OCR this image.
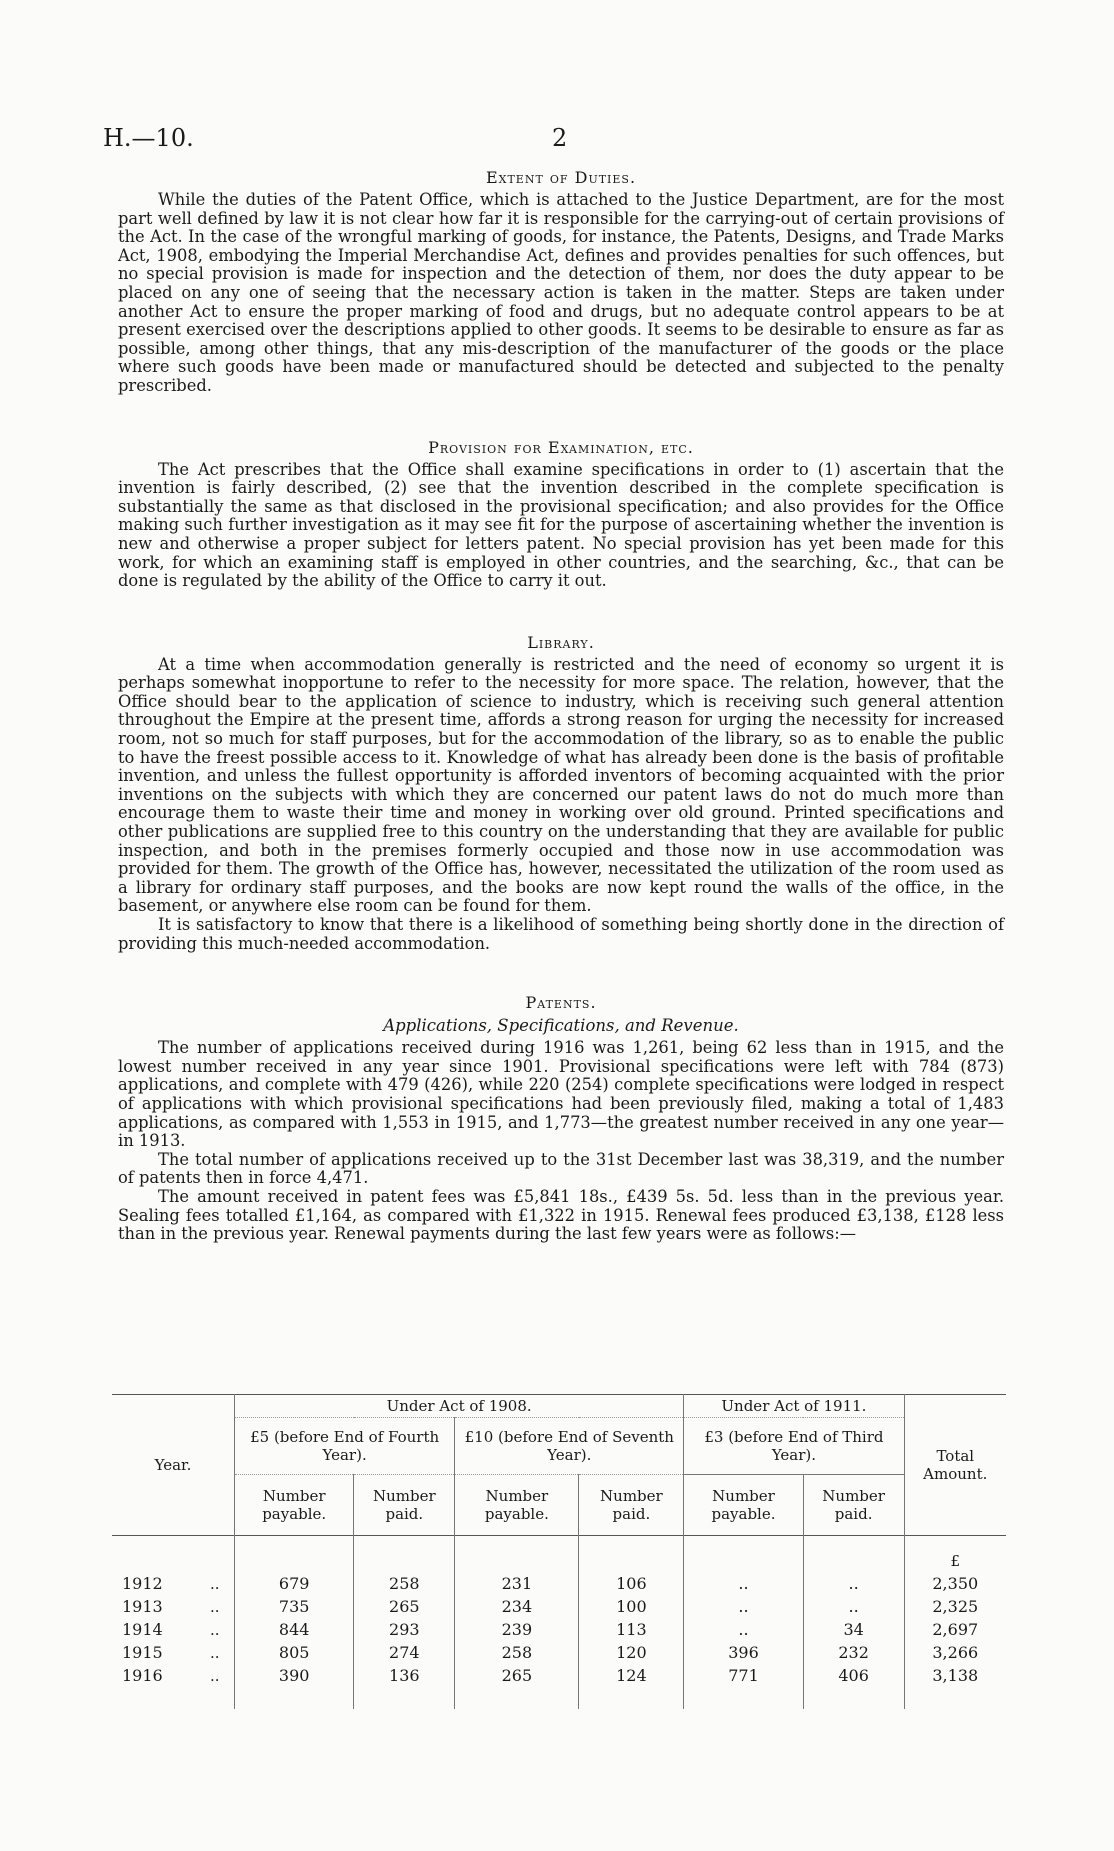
H.—10.	2
Extent of Duties.

While the duties of the Patent Office, which is attached to the Justice Department, are for the most part well defined by law it is not clear how far it is responsible for the carrying-out of certain provisions of the Act. In the case of the wrongful marking of goods, for instance, the Patents, Designs, and Trade Marks Act, 1908, embodying the Imperial Merchandise Act, defines and provides penalties for such offences, but no special provision is made for inspection and the detection of them, nor does the duty appear to be placed on any one of seeing that the necessary action is taken in the matter. Steps are taken under another Act to ensure the proper marking of food and drugs, but no adequate control appears to be at present exercised over the descriptions applied to other goods. It seems to be desirable to ensure as far as possible, among other things, that any mis-description of the manufacturer of the goods or the place where such goods have been made or manufactured should be detected and subjected to the penalty prescribed.

Provision for Examination, etc.

The Act prescribes that the Office shall examine specifications in order to (1) ascertain that the invention is fairly described, (2) see that the invention described in the complete specification is substantially the same as that disclosed in the provisional specification; and also provides for the Office making such further investigation as it may see fit for the purpose of ascertaining whether the invention is new and otherwise a proper subject for letters patent. No special provision has yet been made for this work, for which an examining staff is employed in other countries, and the searching, &c., that can be done is regulated by the ability of the Office to carry it out.

Library.

At a time when accommodation generally is restricted and the need of economy so urgent it is perhaps somewhat inopportune to refer to the necessity for more space. The relation, however, that the Office should bear to the application of science to industry, which is receiving such general attention throughout the Empire at the present time, affords a strong reason for urging the necessity for increased room, not so much for staff purposes, but for the accommodation of the library, so as to enable the public to have the freest possible access to it. Knowledge of what has already been done is the basis of profitable invention, and unless the fullest opportunity is afforded inventors of becoming acquainted with the prior inventions on the subjects with which they are concerned our patent laws do not do much more than encourage them to waste their time and money in working over old ground. Printed specifications and other publications are supplied free to this country on the understanding that they are available for public inspection, and both in the premises formerly occupied and those now in use accommodation was provided for them. The growth of the Office has, however, necessitated the utilization of the room used as a library for ordinary staff purposes, and the books are now kept round the walls of the office, in the basement, or anywhere else room can be found for them.

It is satisfactory to know that there is a likelihood of something being shortly done in the direction of providing this much-needed accommodation.

Patents.
Applications, Specifications, and Revenue.

The number of applications received during 1916 was 1,261, being 62 less than in 1915, and the lowest number received in any year since 1901. Provisional specifications were left with 784 (873) applications, and complete with 479 (426), while 220 (254) complete specifications were lodged in respect of applications with which provisional specifications had been previously filed, making a total of 1,483 applications, as compared with 1,553 in 1915, and 1,773—the greatest number received in any one year—in 1913.

The total number of applications received up to the 31st December last was 38,319, and the number of patents then in force 4,471.

The amount received in patent fees was £5,841 18s., £439 5s. 5d. less than in the previous year. Sealing fees totalled £1,164, as compared with £1,322 in 1915. Renewal fees produced £3,138, £128 less than in the previous year. Renewal payments during the last few years were as follows:—

Year.		Under Act of 1908.				Under Act of 1911.		Total Amount.
		£5 (before End of Fourth Year).		£10 (before End of Seventh Year).		£3 (before End of Third Year).		
		Number payable.	Number paid.	Number payable.	Number paid.	Number payable.	Number paid.	
								£
1912	..	679	258	231	106	..	..	2,350
1913	..	735	265	234	100	..	..	2,325
1914	..	844	293	239	113	..	34	2,697
1915	..	805	274	258	120	396	232	3,266
1916	..	390	136	265	124	771	406	3,138
